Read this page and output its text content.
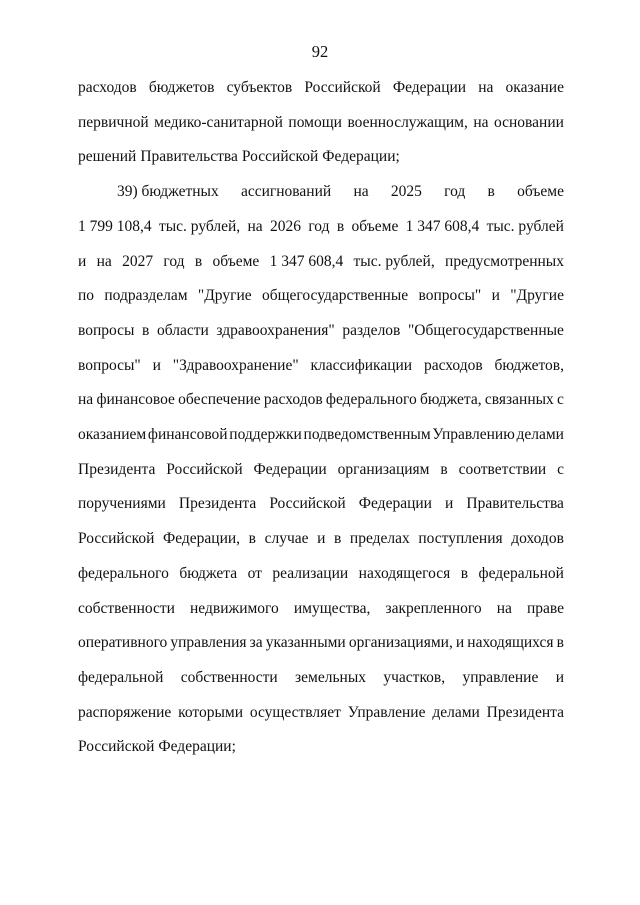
92
расходов бюджетов субъектов Российской Федерации на оказание
первичной медико-санитарной помощи военнослужащим, на основании
решений Правительства Российской Федерации;
39) бюджетных ассигнований на 2025 год в объеме
1 799 108,4 тыс. рублей, на 2026 год в объеме 1 347 608,4 тыс. рублей
и на 2027 год в объеме 1 347 608,4 тыс. рублей, предусмотренных
по подразделам "Другие общегосударственные вопросы" и "Другие
вопросы в области здравоохранения" разделов "Общегосударственные
вопросы" и "Здравоохранение" классификации расходов бюджетов,
на финансовое обеспечение расходов федерального бюджета, связанных с
оказанием финансовой поддержки подведомственным Управлению делами
Президента Российской Федерации организациям в соответствии с
поручениями Президента Российской Федерации и Правительства
Российской Федерации, в случае и в пределах поступления доходов
федерального бюджета от реализации находящегося в федеральной
собственности недвижимого имущества, закрепленного на праве
оперативного управления за указанными организациями, и находящихся в
федеральной собственности земельных участков, управление и
распоряжение которыми осуществляет Управление делами Президента
Российской Федерации;
